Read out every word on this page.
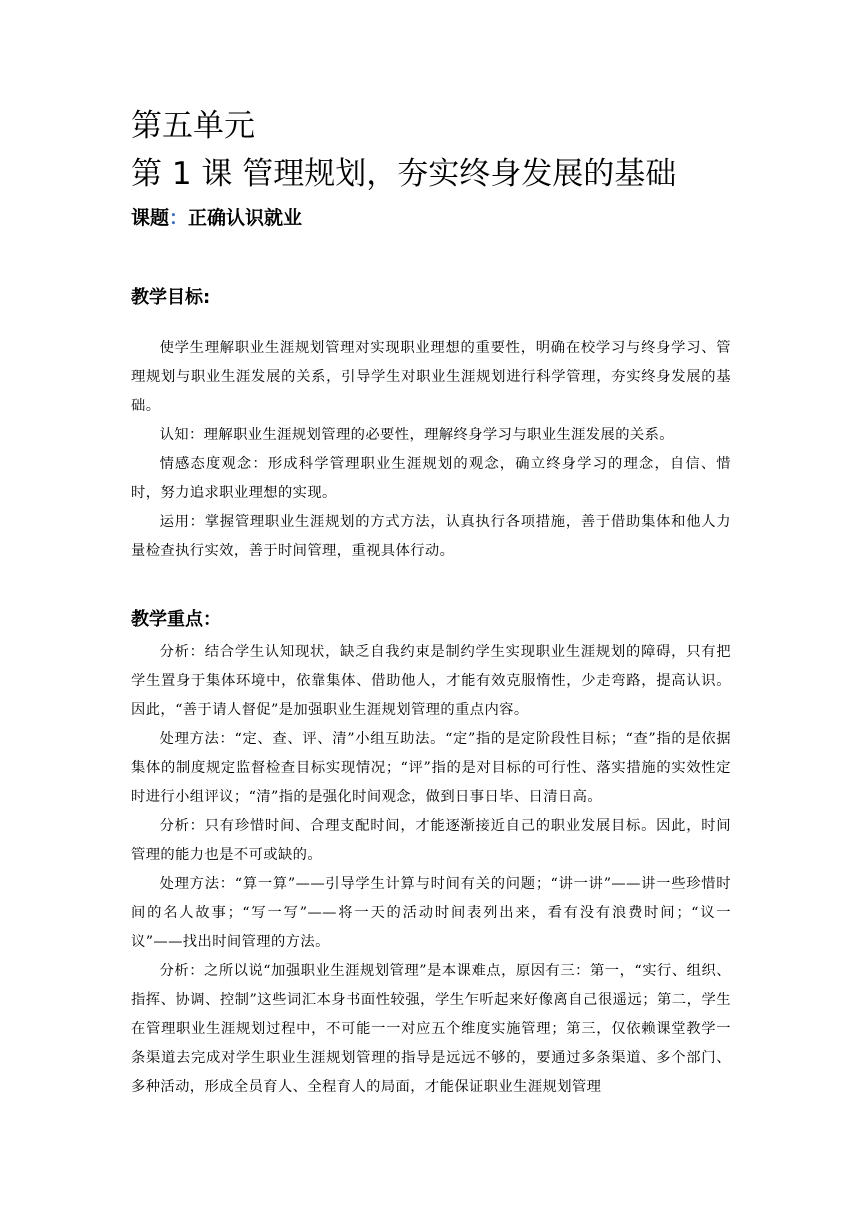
第五单元
第 1 课 管理规划，夯实终身发展的基础
课题：正确认识就业
教学目标:

使学生理解职业生涯规划管理对实现职业理想的重要性，明确在校学习与终身学习、管理规划与职业生涯发展的关系，引导学生对职业生涯规划进行科学管理，夯实终身发展的基础。

认知：理解职业生涯规划管理的必要性，理解终身学习与职业生涯发展的关系。

情感态度观念：形成科学管理职业生涯规划的观念，确立终身学习的理念，自信、惜时，努力追求职业理想的实现。

运用：掌握管理职业生涯规划的方式方法，认真执行各项措施，善于借助集体和他人力量检查执行实效，善于时间管理，重视具体行动。

教学重点：

分析：结合学生认知现状，缺乏自我约束是制约学生实现职业生涯规划的障碍，只有把学生置身于集体环境中，依靠集体、借助他人，才能有效克服惰性，少走弯路，提高认识。因此，“善于请人督促”是加强职业生涯规划管理的重点内容。

处理方法：“定、查、评、清”小组互助法。“定”指的是定阶段性目标；“查”指的是依据集体的制度规定监督检查目标实现情况；“评”指的是对目标的可行性、落实措施的实效性定时进行小组评议；“清”指的是强化时间观念，做到日事日毕、日清日高。

分析：只有珍惜时间、合理支配时间，才能逐渐接近自己的职业发展目标。因此，时间管理的能力也是不可或缺的。

处理方法：“算一算”——引导学生计算与时间有关的问题；“讲一讲”——讲一些珍惜时间的名人故事；“写一写”——将一天的活动时间表列出来，看有没有浪费时间；“议一议”——找出时间管理的方法。

分析：之所以说“加强职业生涯规划管理”是本课难点，原因有三：第一，“实行、组织、指挥、协调、控制”这些词汇本身书面性较强，学生乍听起来好像离自己很遥远；第二，学生在管理职业生涯规划过程中，不可能一一对应五个维度实施管理；第三，仅依赖课堂教学一条渠道去完成对学生职业生涯规划管理的指导是远远不够的，要通过多条渠道、多个部门、多种活动，形成全员育人、全程育人的局面，才能保证职业生涯规划管理
